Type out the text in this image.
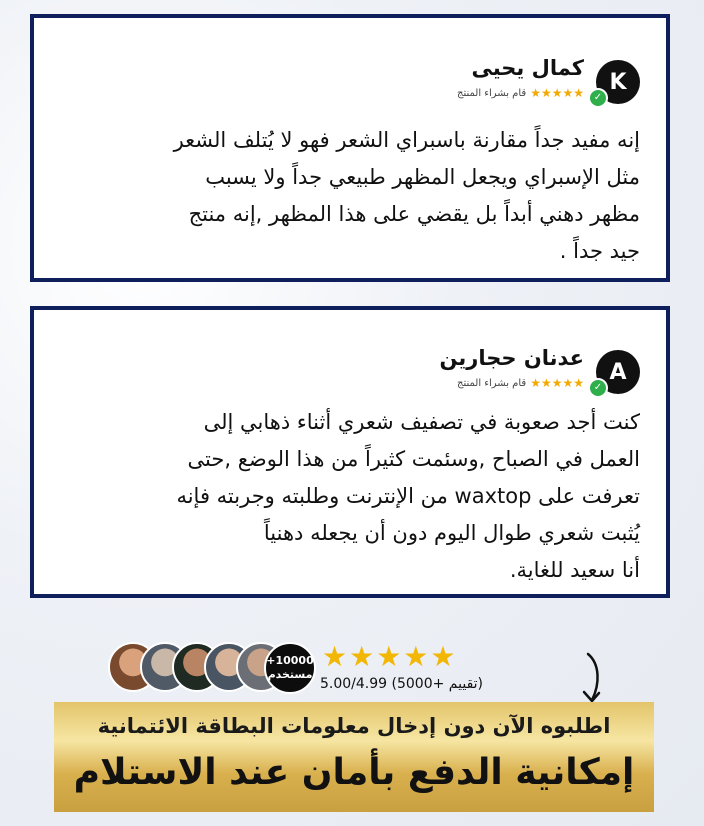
K
✓
كمال يحيى
★★★★★
قام بشراء المنتج

إنه مفيد جداً مقارنة باسبراي الشعر فهو لا يُتلف الشعر

مثل الإسبراي ويجعل المظهر طبيعي جداً ولا يسبب

مظهر دهني أبداً بل يقضي على هذا المظهر ,إنه منتج

جيد جداً .

A
✓
عدنان حجارين
★★★★★
قام بشراء المنتج

كنت أجد صعوبة في تصفيف شعري أثناء ذهابي إلى

العمل في الصباح ,وسئمت كثيراً من هذا الوضع ,حتى

تعرفت على waxtop من الإنترنت وطلبته وجربته فإنه

يُثبت شعري طوال اليوم دون أن يجعله دهنياً

أنا سعيد للغاية.

+10000
مستخدم
★★★★★
5.00/4.99 (5000+ تقييم)
اطلبوه الآن دون إدخال معلومات البطاقة الائتمانية
إمكانية الدفع بأمان عند الاستلام
